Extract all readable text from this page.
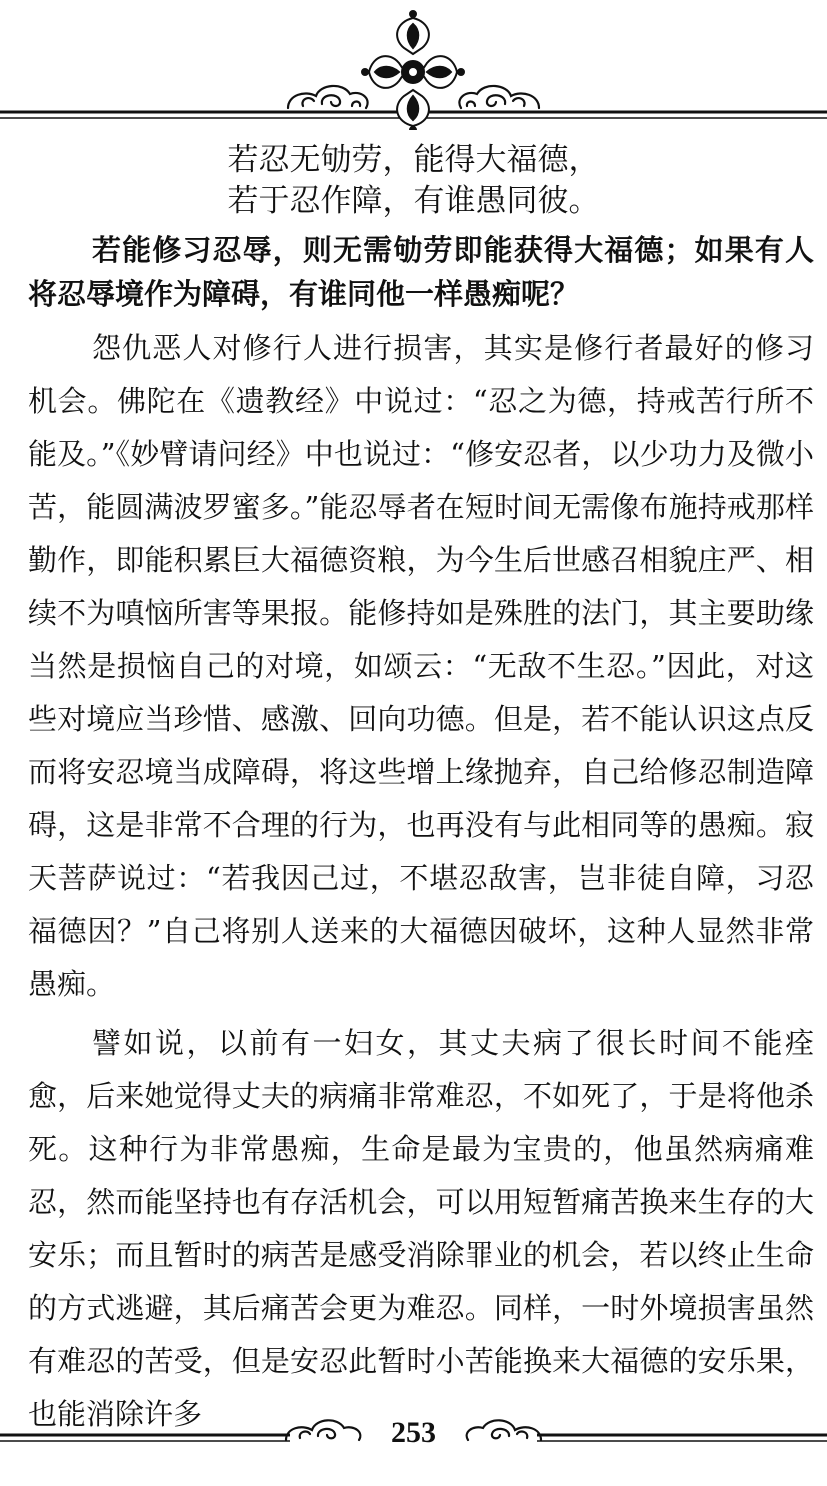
若忍无劬劳，能得大福德，
若于忍作障，有谁愚同彼。
若能修习忍辱，则无需劬劳即能获得大福德；如果有人将忍辱境作为障碍，有谁同他一样愚痴呢？

怨仇恶人对修行人进行损害，其实是修行者最好的修习机会。佛陀在《遗教经》中说过：“忍之为德，持戒苦行所不能及。”《妙臂请问经》中也说过：“修安忍者，以少功力及微小苦，能圆满波罗蜜多。”能忍辱者在短时间无需像布施持戒那样勤作，即能积累巨大福德资粮，为今生后世感召相貌庄严、相续不为嗔恼所害等果报。能修持如是殊胜的法门，其主要助缘当然是损恼自己的对境，如颂云：“无敌不生忍。”因此，对这些对境应当珍惜、感激、回向功德。但是，若不能认识这点反而将安忍境当成障碍，将这些增上缘抛弃，自己给修忍制造障碍，这是非常不合理的行为，也再没有与此相同等的愚痴。寂天菩萨说过：“若我因己过，不堪忍敌害，岂非徒自障，习忍福德因？”自己将别人送来的大福德因破坏，这种人显然非常愚痴。

譬如说，以前有一妇女，其丈夫病了很长时间不能痊愈，后来她觉得丈夫的病痛非常难忍，不如死了，于是将他杀死。这种行为非常愚痴，生命是最为宝贵的，他虽然病痛难忍，然而能坚持也有存活机会，可以用短暂痛苦换来生存的大安乐；而且暂时的病苦是感受消除罪业的机会，若以终止生命的方式逃避，其后痛苦会更为难忍。同样，一时外境损害虽然有难忍的苦受，但是安忍此暂时小苦能换来大福德的安乐果，也能消除许多

253
